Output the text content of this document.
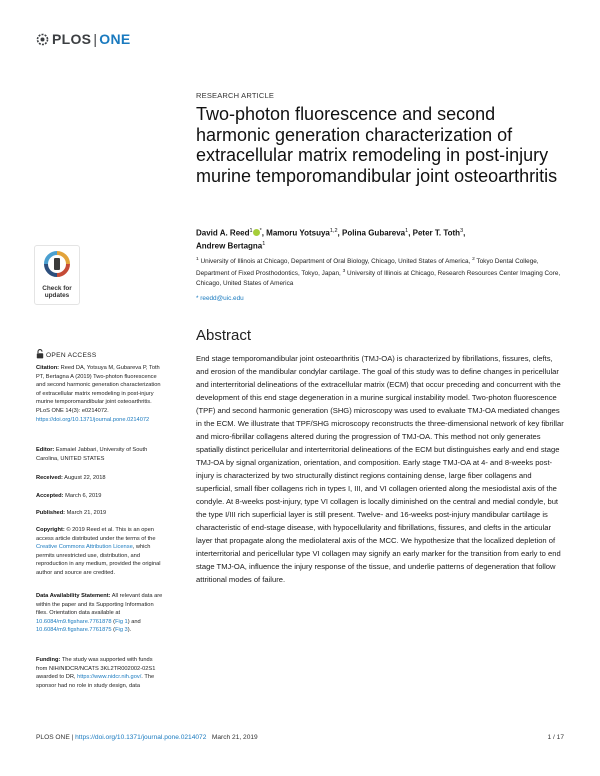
PLOS | ONE
RESEARCH ARTICLE
Two-photon fluorescence and second harmonic generation characterization of extracellular matrix remodeling in post-injury murine temporomandibular joint osteoarthritis
David A. Reed$^1$ *, Mamoru Yotsuya$^{1,2}$, Polina Gubareva$^1$, Peter T. Toth$^3$,
Andrew Bertagna$^1$
$^1$ University of Illinois at Chicago, Department of Oral Biology, Chicago, United States of America, $^2$ Tokyo Dental College, Department of Fixed Prosthodontics, Tokyo, Japan, $^3$ University of Illinois at Chicago, Research Resources Center Imaging Core, Chicago, United States of America
* reedd@uic.edu
Abstract
End stage temporomandibular joint osteoarthritis (TMJ-OA) is characterized by fibrillations, fissures, clefts, and erosion of the mandibular condylar cartilage. The goal of this study was to define changes in pericellular and interterritorial delineations of the extracellular matrix (ECM) that occur preceding and concurrent with the development of this end stage degeneration in a murine surgical instability model. Two-photon fluorescence (TPF) and second harmonic generation (SHG) microscopy was used to evaluate TMJ-OA mediated changes in the ECM. We illustrate that TPF/SHG microscopy reconstructs the three-dimensional network of key fibrillar and micro-fibrillar collagens altered during the progression of TMJ-OA. This method not only generates spatially distinct pericellular and interterritorial delineations of the ECM but distinguishes early and end stage TMJ-OA by signal organization, orientation, and composition. Early stage TMJ-OA at 4- and 8-weeks post-injury is characterized by two structurally distinct regions containing dense, large fiber collagens and superficial, small fiber collagens rich in types I, III, and VI collagen oriented along the mesiodistal axis of the condyle. At 8-weeks post-injury, type VI collagen is locally diminished on the central and medial condyle, but the type I/III rich superficial layer is still present. Twelve- and 16-weeks post-injury mandibular cartilage is characteristic of end-stage disease, with hypocellularity and fibrillations, fissures, and clefts in the articular layer that propagate along the mediolateral axis of the MCC. We hypothesize that the localized depletion of interterritorial and pericellular type VI collagen may signify an early marker for the transition from early to end stage TMJ-OA, influence the injury response of the tissue, and underlie patterns of degeneration that follow attritional modes of failure.
Check for
updates
OPEN ACCESS
Citation: Reed DA, Yotsuya M, Gubareva P, Toth PT, Bertagna A (2019) Two-photon fluorescence and second harmonic generation characterization of extracellular matrix remodeling in post-injury murine temporomandibular joint osteoarthritis. PLoS ONE 14(3): e0214072. https://doi.org/10.1371/journal.pone.0214072
Editor: Esmaiel Jabbari, University of South Carolina, UNITED STATES
Received: August 22, 2018
Accepted: March 6, 2019
Published: March 21, 2019
Copyright: © 2019 Reed et al. This is an open access article distributed under the terms of the Creative Commons Attribution License, which permits unrestricted use, distribution, and reproduction in any medium, provided the original author and source are credited.
Data Availability Statement: All relevant data are within the paper and its Supporting Information files. Orientation data available at 10.6084/m9.figshare.7761878 (Fig 1) and 10.6084/m9.figshare.7761875 (Fig 3).
Funding: The study was supported with funds from NIH/NIDCR/NCATS 3KL2TR002002-02S1 awarded to DR, https://www.nidcr.nih.gov/. The sponsor had no role in study design, data
PLOS ONE | https://doi.org/10.1371/journal.pone.0214072 March 21, 2019	1 / 17
